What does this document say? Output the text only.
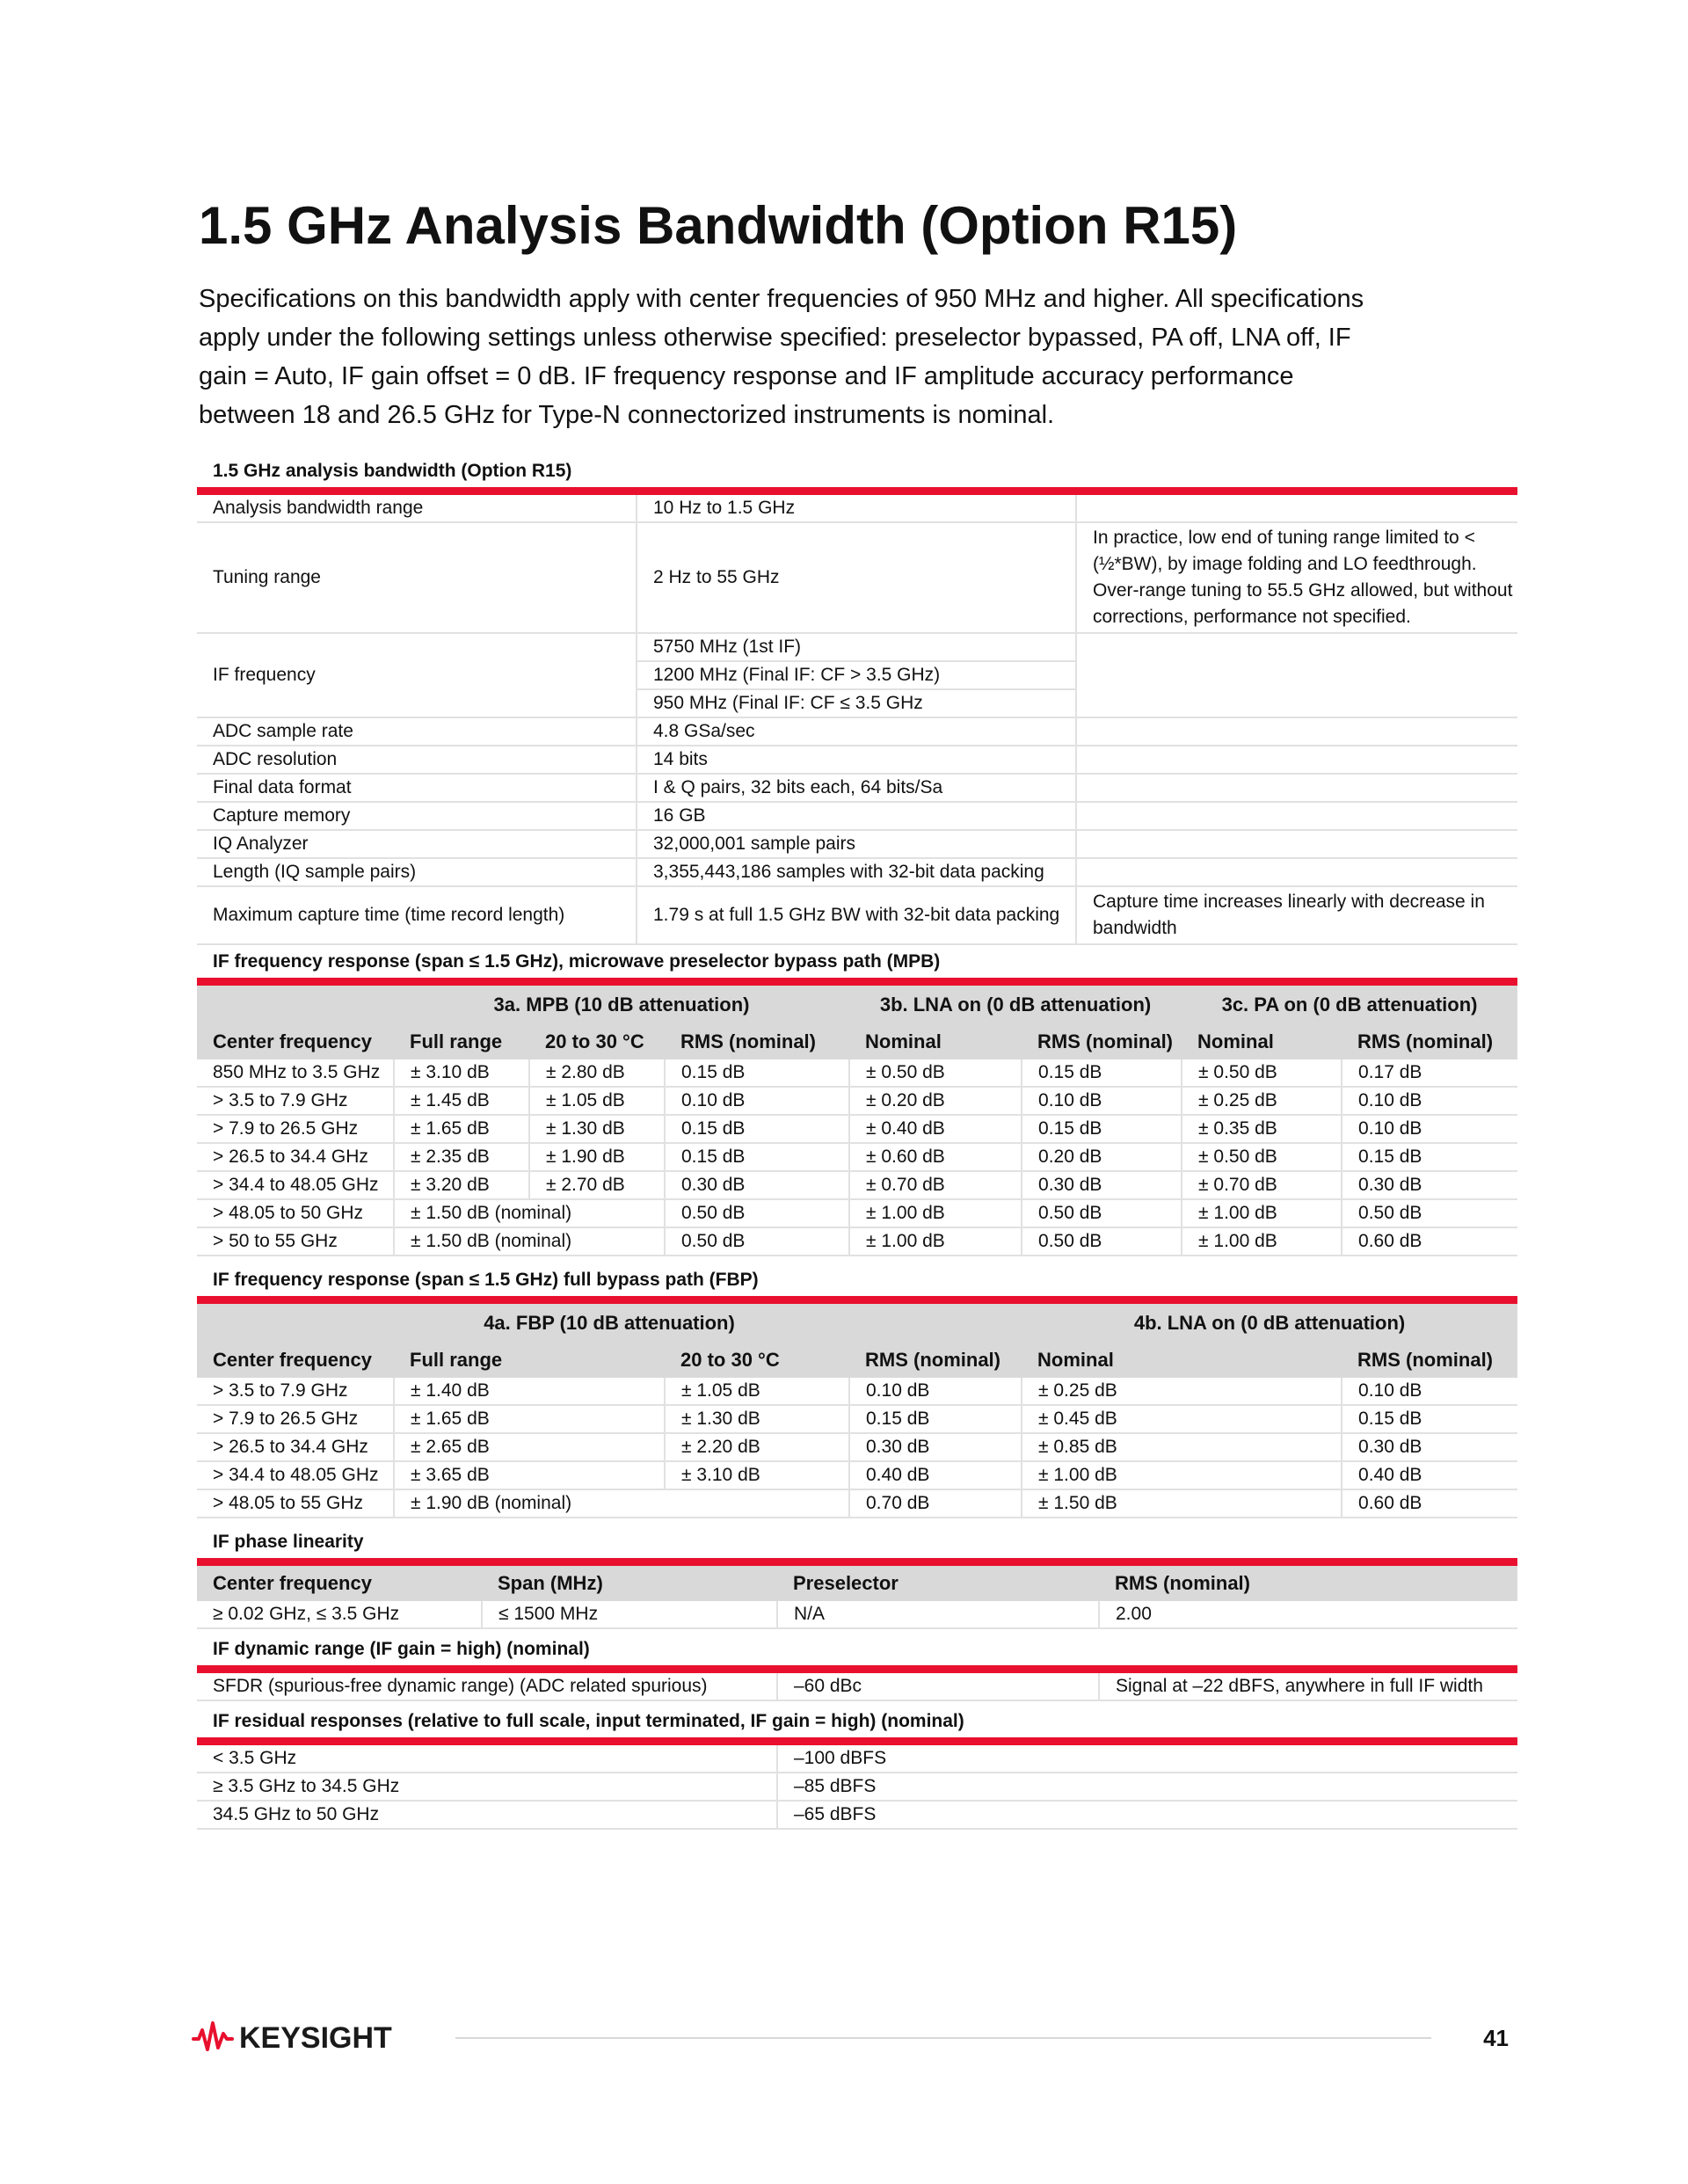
1.5 GHz Analysis Bandwidth (Option R15)
Specifications on this bandwidth apply with center frequencies of 950 MHz and higher. All specifications
apply under the following settings unless otherwise specified: preselector bypassed, PA off, LNA off, IF
gain = Auto, IF gain offset = 0 dB. IF frequency response and IF amplitude accuracy performance
between 18 and 26.5 GHz for Type-N connectorized instruments is nominal.
1.5 GHz analysis bandwidth (Option R15)
Analysis bandwidth range	10 Hz to 1.5 GHz	
Tuning range	2 Hz to 55 GHz	In practice, low end of tuning range limited to < (½*BW), by image folding and LO feedthrough. Over-range tuning to 55.5 GHz allowed, but without corrections, performance not specified.
IF frequency	5750 MHz (1st IF)	
	1200 MHz (Final IF: CF > 3.5 GHz)	
	950 MHz (Final IF: CF ≤ 3.5 GHz	
ADC sample rate	4.8 GSa/sec	
ADC resolution	14 bits	
Final data format	I & Q pairs, 32 bits each, 64 bits/Sa	
Capture memory	16 GB	
IQ Analyzer	32,000,001 sample pairs	
Length (IQ sample pairs)	3,355,443,186 samples with 32-bit data packing	
Maximum capture time (time record length)	1.79 s at full 1.5 GHz BW with 32-bit data packing	Capture time increases linearly with decrease in bandwidth
IF frequency response (span ≤ 1.5 GHz), microwave preselector bypass path (MPB)
	3a. MPB (10 dB attenuation)			3b. LNA on (0 dB attenuation)		3c. PA on (0 dB attenuation)	
Center frequency	Full range	20 to 30 °C	RMS (nominal)	Nominal	RMS (nominal)	Nominal	RMS (nominal)
850 MHz to 3.5 GHz	± 3.10 dB	± 2.80 dB	0.15 dB	± 0.50 dB	0.15 dB	± 0.50 dB	0.17 dB
> 3.5 to 7.9 GHz	± 1.45 dB	± 1.05 dB	0.10 dB	± 0.20 dB	0.10 dB	± 0.25 dB	0.10 dB
> 7.9 to 26.5 GHz	± 1.65 dB	± 1.30 dB	0.15 dB	± 0.40 dB	0.15 dB	± 0.35 dB	0.10 dB
> 26.5 to 34.4 GHz	± 2.35 dB	± 1.90 dB	0.15 dB	± 0.60 dB	0.20 dB	± 0.50 dB	0.15 dB
> 34.4 to 48.05 GHz	± 3.20 dB	± 2.70 dB	0.30 dB	± 0.70 dB	0.30 dB	± 0.70 dB	0.30 dB
> 48.05 to 50 GHz	± 1.50 dB (nominal)		0.50 dB	± 1.00 dB	0.50 dB	± 1.00 dB	0.50 dB
> 50 to 55 GHz	± 1.50 dB (nominal)		0.50 dB	± 1.00 dB	0.50 dB	± 1.00 dB	0.60 dB
IF frequency response (span ≤ 1.5 GHz) full bypass path (FBP)
4a. FBP (10 dB attenuation)				4b. LNA on (0 dB attenuation)	
Center frequency	Full range	20 to 30 °C	RMS (nominal)	Nominal	RMS (nominal)
> 3.5 to 7.9 GHz	± 1.40 dB	± 1.05 dB	0.10 dB	± 0.25 dB	0.10 dB
> 7.9 to 26.5 GHz	± 1.65 dB	± 1.30 dB	0.15 dB	± 0.45 dB	0.15 dB
> 26.5 to 34.4 GHz	± 2.65 dB	± 2.20 dB	0.30 dB	± 0.85 dB	0.30 dB
> 34.4 to 48.05 GHz	± 3.65 dB	± 3.10 dB	0.40 dB	± 1.00 dB	0.40 dB
> 48.05 to 55 GHz	± 1.90 dB (nominal)		0.70 dB	± 1.50 dB	0.60 dB
IF phase linearity
Center frequency	Span (MHz)	Preselector	RMS (nominal)
≥ 0.02 GHz, ≤ 3.5 GHz	≤ 1500 MHz	N/A	2.00
IF dynamic range (IF gain = high) (nominal)
SFDR (spurious-free dynamic range) (ADC related spurious)	–60 dBc	Signal at –22 dBFS, anywhere in full IF width
IF residual responses (relative to full scale, input terminated, IF gain = high) (nominal)
< 3.5 GHz	–100 dBFS
≥ 3.5 GHz to 34.5 GHz	–85 dBFS
34.5 GHz to 50 GHz	–65 dBFS
KEYSIGHT	41
